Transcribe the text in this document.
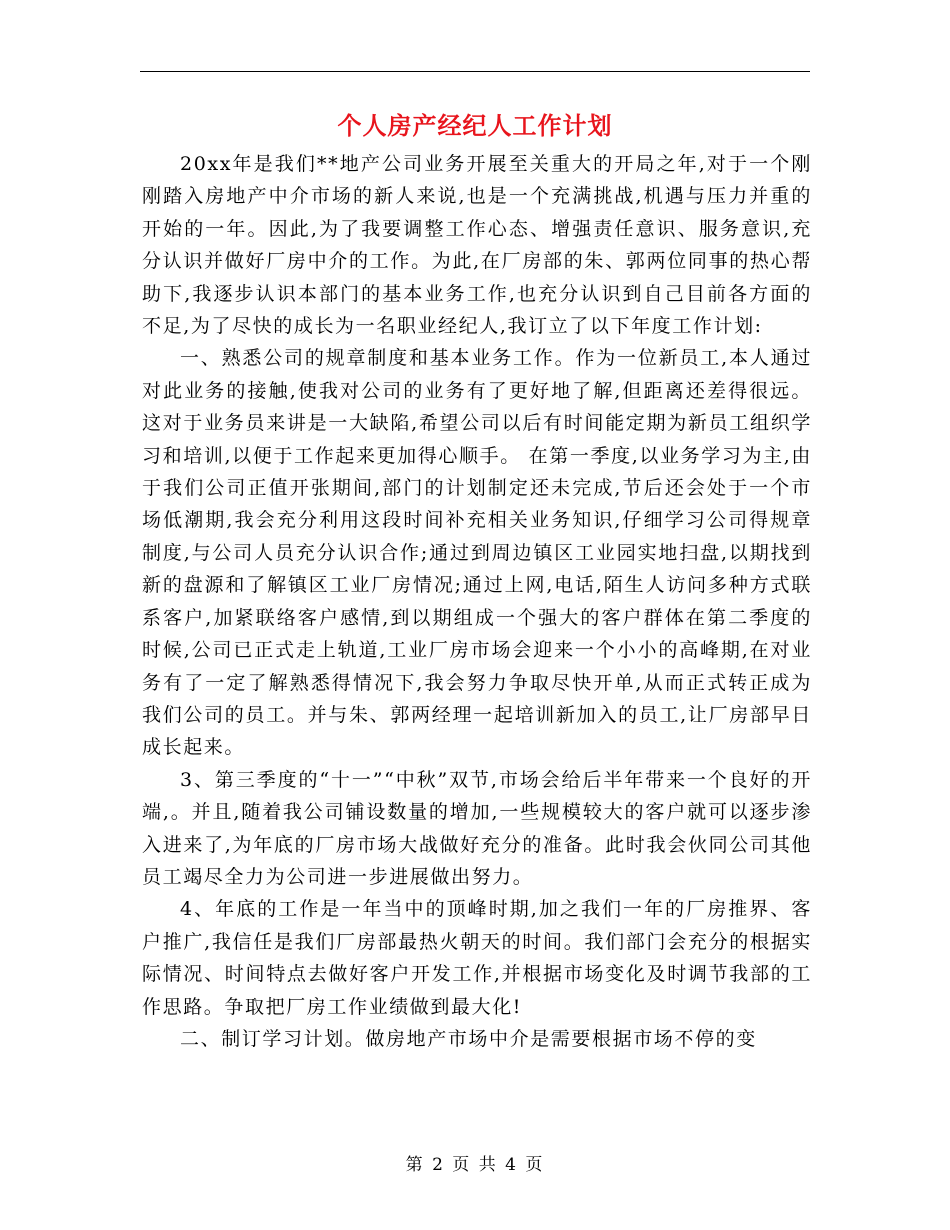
个人房产经纪人工作计划

20xx年是我们**地产公司业务开展至关重大的开局之年,对于一个刚刚踏入房地产中介市场的新人来说,也是一个充满挑战,机遇与压力并重的开始的一年。因此,为了我要调整工作心态、增强责任意识、服务意识,充分认识并做好厂房中介的工作。为此,在厂房部的朱、郭两位同事的热心帮助下,我逐步认识本部门的基本业务工作,也充分认识到自己目前各方面的不足,为了尽快的成长为一名职业经纪人,我订立了以下年度工作计划:

一、熟悉公司的规章制度和基本业务工作。作为一位新员工,本人通过对此业务的接触,使我对公司的业务有了更好地了解,但距离还差得很远。这对于业务员来讲是一大缺陷,希望公司以后有时间能定期为新员工组织学习和培训,以便于工作起来更加得心顺手。 在第一季度,以业务学习为主,由于我们公司正值开张期间,部门的计划制定还未完成,节后还会处于一个市场低潮期,我会充分利用这段时间补充相关业务知识,仔细学习公司得规章制度,与公司人员充分认识合作;通过到周边镇区工业园实地扫盘,以期找到新的盘源和了解镇区工业厂房情况;通过上网,电话,陌生人访问多种方式联系客户,加紧联络客户感情,到以期组成一个强大的客户群体在第二季度的时候,公司已正式走上轨道,工业厂房市场会迎来一个小小的高峰期,在对业务有了一定了解熟悉得情况下,我会努力争取尽快开单,从而正式转正成为我们公司的员工。并与朱、郭两经理一起培训新加入的员工,让厂房部早日成长起来。

3、第三季度的“十一”“中秋”双节,市场会给后半年带来一个良好的开端,。并且,随着我公司铺设数量的增加,一些规模较大的客户就可以逐步渗入进来了,为年底的厂房市场大战做好充分的准备。此时我会伙同公司其他员工竭尽全力为公司进一步进展做出努力。

4、年底的工作是一年当中的顶峰时期,加之我们一年的厂房推界、客户推广,我信任是我们厂房部最热火朝天的时间。我们部门会充分的根据实际情况、时间特点去做好客户开发工作,并根据市场变化及时调节我部的工作思路。争取把厂房工作业绩做到最大化!

二、制订学习计划。做房地产市场中介是需要根据市场不停的变

第 2 页 共 4 页
